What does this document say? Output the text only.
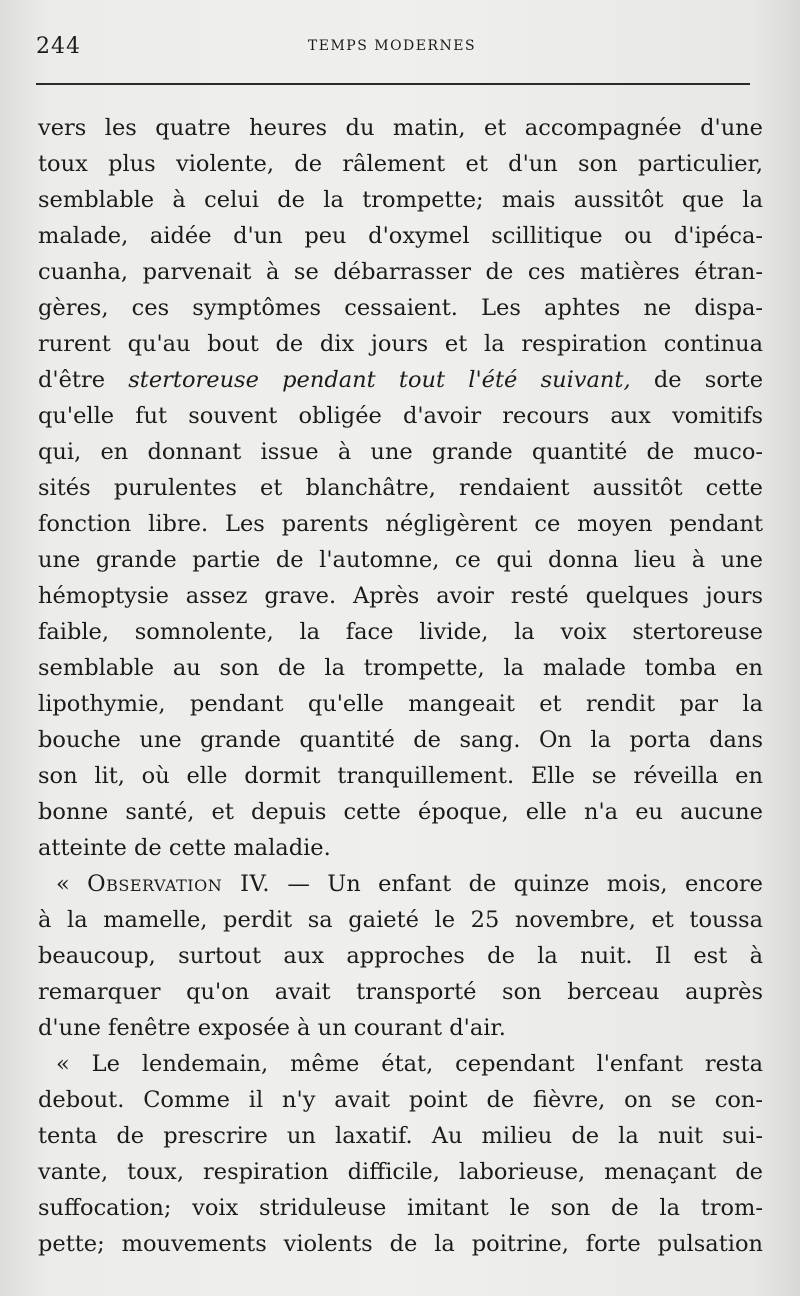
244	TEMPS MODERNES
vers les quatre heures du matin, et accompagnée d'une
toux plus violente, de râlement et d'un son particulier,
semblable à celui de la trompette; mais aussitôt que la
malade, aidée d'un peu d'oxymel scillitique ou d'ipéca-
cuanha, parvenait à se débarrasser de ces matières étran-
gères, ces symptômes cessaient. Les aphtes ne dispa-
rurent qu'au bout de dix jours et la respiration continua
d'être stertoreuse pendant tout l'été suivant, de sorte
qu'elle fut souvent obligée d'avoir recours aux vomitifs
qui, en donnant issue à une grande quantité de muco-
sités purulentes et blanchâtre, rendaient aussitôt cette
fonction libre. Les parents négligèrent ce moyen pendant
une grande partie de l'automne, ce qui donna lieu à une
hémoptysie assez grave. Après avoir resté quelques jours
faible, somnolente, la face livide, la voix stertoreuse
semblable au son de la trompette, la malade tomba en
lipothymie, pendant qu'elle mangeait et rendit par la
bouche une grande quantité de sang. On la porta dans
son lit, où elle dormit tranquillement. Elle se réveilla en
bonne santé, et depuis cette époque, elle n'a eu aucune
atteinte de cette maladie.
« Observation IV. — Un enfant de quinze mois, encore
à la mamelle, perdit sa gaieté le 25 novembre, et toussa
beaucoup, surtout aux approches de la nuit. Il est à
remarquer qu'on avait transporté son berceau auprès
d'une fenêtre exposée à un courant d'air.
« Le lendemain, même état, cependant l'enfant resta
debout. Comme il n'y avait point de fièvre, on se con-
tenta de prescrire un laxatif. Au milieu de la nuit sui-
vante, toux, respiration difficile, laborieuse, menaçant de
suffocation; voix striduleuse imitant le son de la trom-
pette; mouvements violents de la poitrine, forte pulsation
